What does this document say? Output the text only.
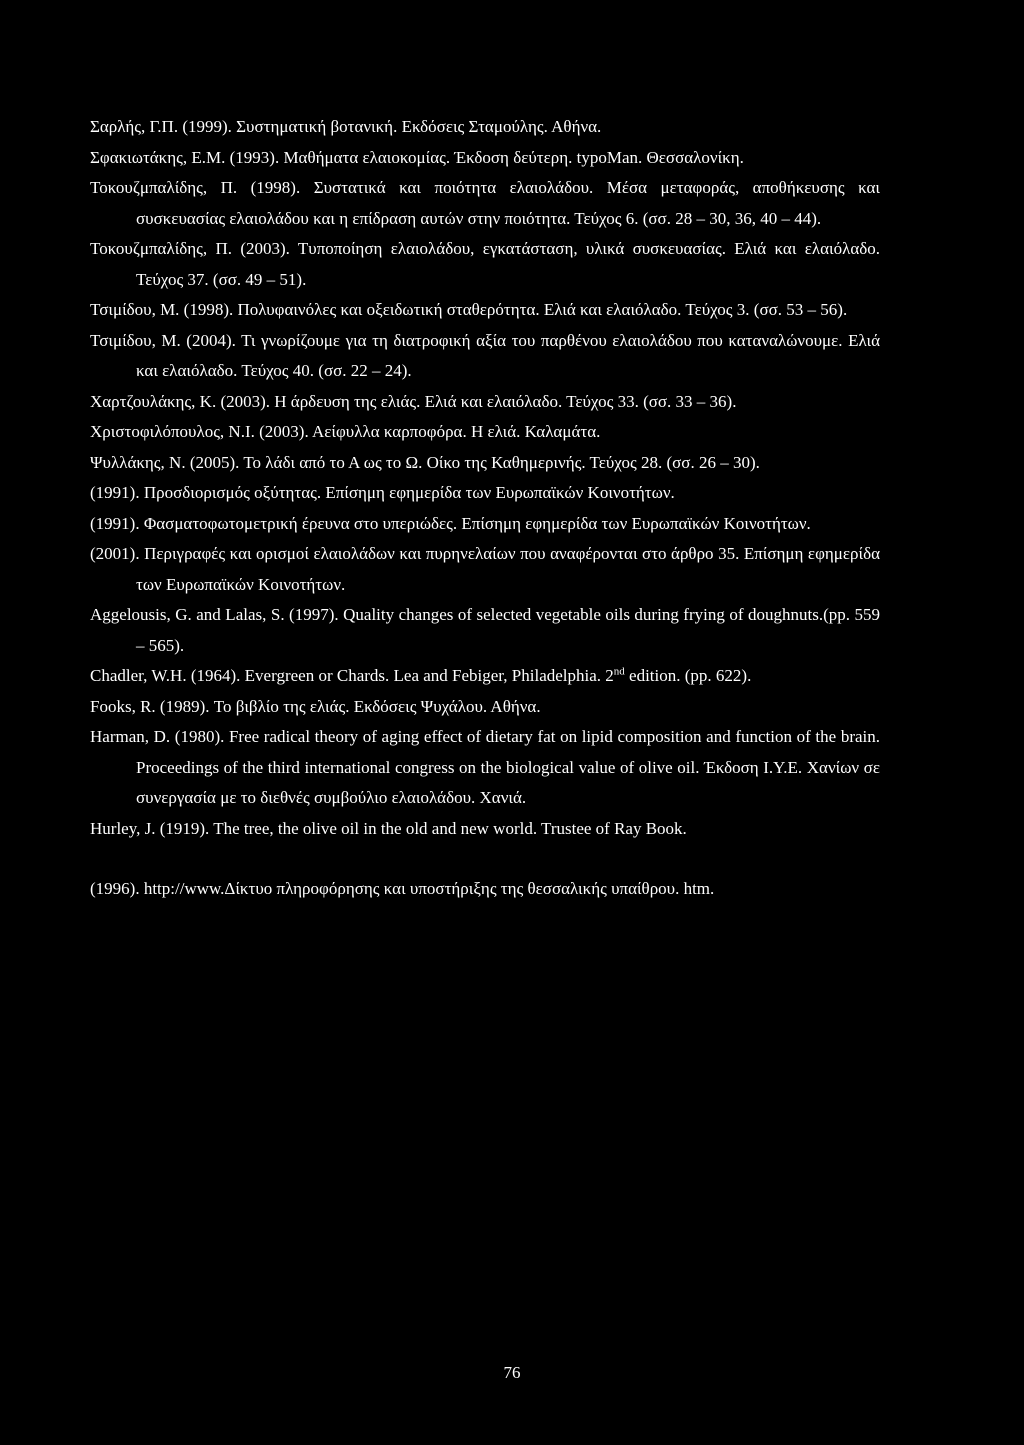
Σαρλής, Γ.Π. (1999). Συστηματική βοτανική. Εκδόσεις Σταμούλης. Αθήνα.

Σφακιωτάκης, Ε.Μ. (1993). Μαθήματα ελαιοκομίας. Έκδοση δεύτερη. typoMan. Θεσσαλονίκη.

Τοκουζμπαλίδης, Π. (1998). Συστατικά και ποιότητα ελαιολάδου. Μέσα μεταφοράς, αποθήκευσης και συσκευασίας ελαιολάδου και η επίδραση αυτών στην ποιότητα. Τεύχος 6. (σσ. 28 – 30, 36, 40 – 44).

Τοκουζμπαλίδης, Π. (2003). Τυποποίηση ελαιολάδου, εγκατάσταση, υλικά συσκευασίας. Ελιά και ελαιόλαδο. Τεύχος 37. (σσ. 49 – 51).

Τσιμίδου, Μ. (1998). Πολυφαινόλες και οξειδωτική σταθερότητα. Ελιά και ελαιόλαδο. Τεύχος 3. (σσ. 53 – 56).

Τσιμίδου, Μ. (2004). Τι γνωρίζουμε για τη διατροφική αξία του παρθένου ελαιολάδου που καταναλώνουμε. Ελιά και ελαιόλαδο. Τεύχος 40. (σσ. 22 – 24).

Χαρτζουλάκης, Κ. (2003). Η άρδευση της ελιάς. Ελιά και ελαιόλαδο. Τεύχος 33. (σσ. 33 – 36).

Χριστοφιλόπουλος, Ν.Ι. (2003). Αείφυλλα καρποφόρα. Η ελιά. Καλαμάτα.

Ψυλλάκης, Ν. (2005). Το λάδι από το Α ως το Ω. Οίκο της Καθημερινής. Τεύχος 28. (σσ. 26 – 30).

(1991). Προσδιορισμός οξύτητας. Επίσημη εφημερίδα των Ευρωπαϊκών Κοινοτήτων.

(1991). Φασματοφωτομετρική έρευνα στο υπεριώδες. Επίσημη εφημερίδα των Ευρωπαϊκών Κοινοτήτων.

(2001). Περιγραφές και ορισμοί ελαιολάδων και πυρηνελαίων που αναφέρονται στο άρθρο 35. Επίσημη εφημερίδα των Ευρωπαϊκών Κοινοτήτων.

Aggelousis, G. and Lalas, S. (1997). Quality changes of selected vegetable oils during frying of doughnuts.(pp. 559 – 565).

Chadler, W.H. (1964). Evergreen or Chards. Lea and Febiger, Philadelphia. 2nd edition. (pp. 622).

Fooks, R. (1989). Το βιβλίο της ελιάς. Εκδόσεις Ψυχάλου. Αθήνα.

Harman, D. (1980). Free radical theory of aging effect of dietary fat on lipid composition and function of the brain. Proceedings of the third international congress on the biological value of olive oil. Έκδοση Ι.Υ.Ε. Χανίων σε συνεργασία με το διεθνές συμβούλιο ελαιολάδου. Χανιά.

Hurley, J. (1919). The tree, the olive oil in the old and new world. Trustee of Ray Book.

(1996). http://www.Δίκτυο πληροφόρησης και υποστήριξης της θεσσαλικής υπαίθρου. htm.

76
